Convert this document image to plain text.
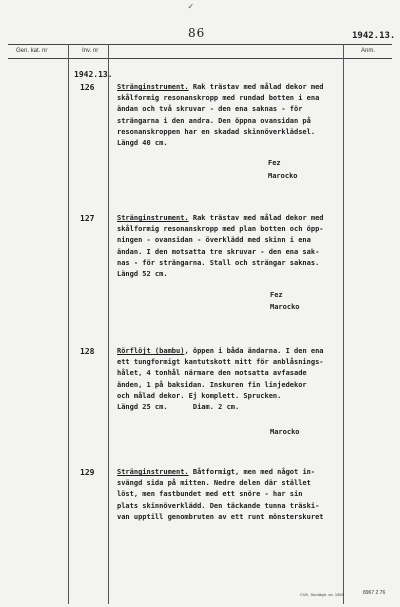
✓
86	1942.13.
Gen. kat. nr	Inv. nr	Anm.
1942.13.
126	Stränginstrument. Rak trästav med målad dekor med
skålformig resonanskropp med rundad botten i ena
ändan och två skruvar - den ena saknas - för
strängarna i den andra. Den öppna ovansidan på
resonanskroppen har en skadad skinnöverklädsel.
Längd 40 cm.
Fez
Marocko
127	Stränginstrument. Rak trästav med målad dekor med
skålformig resonanskropp med plan botten och öpp-
ningen - ovansidan - överklädd med skinn i ena
ändan. I den motsatta tre skruvar - den ena sak-
nas - för strängarna. Stall och strängar saknas.
Längd 52 cm.
Fez
Marocko
128	Rörflöjt (bambu), öppen i båda ändarna. I den ena
ett tungformigt kantutskott mitt för anblåsnings-
hålet, 4 tonhål närmare den motsatta avfasade
änden, 1 på baksidan. Inskuren fin linjedekor
och målad dekor. Ej komplett. Sprucken.
Längd 25 cm.      Diam. 2 cm.
Marocko
129	Stränginstrument. Båtformigt, men med något in-
svängd sida på mitten. Nedre delen där stället
löst, men fastbundet med ett snöre - har sin
plats skinnöverklädd. Den täckande tunna träski-
van upptill genombruten av ett runt mönsterskuret
CVK. Sundbyb. ex. 1965	8967 2 76
